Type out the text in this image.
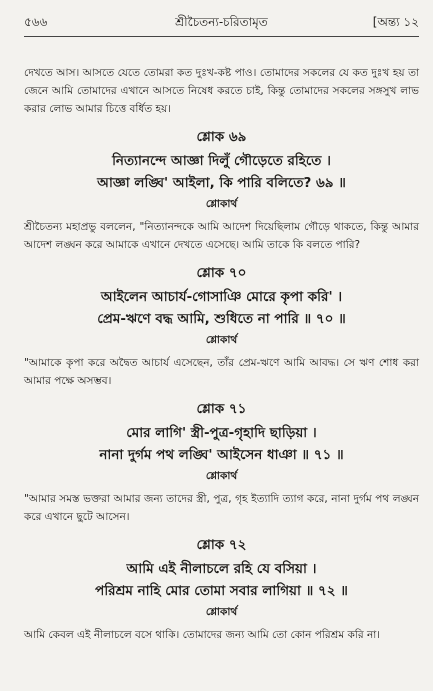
৫৬৬	শ্রীচৈতন্য-চরিতামৃত	[অন্ত্য ১২

দেখতে আস। আসতে যেতে তোমরা কত দুঃখ-কষ্ট পাও। তোমাদের সকলের যে কত দুঃখ হয় তা জেনে আমি তোমাদের এখানে আসতে নিষেধ করতে চাই, কিন্তু তোমাদের সকলের সঙ্গসুখ লাভ করার লোভ আমার চিত্তে বর্ধিত হয়।

শ্লোক ৬৯

নিত্যানন্দে আজ্ঞা দিলুঁ গৌড়েতে রহিতে ।

আজ্ঞা লঙ্ঘি' আইলা, কি পারি বলিতে? ৬৯ ॥

শ্লোকার্থ

শ্রীচৈতন্য মহাপ্রভু বললেন, "নিত্যানন্দকে আমি আদেশ দিয়েছিলাম গৌড়ে থাকতে, কিন্তু আমার আদেশ লঙ্ঘন করে আমাকে এখানে দেখতে এসেছে। আমি তাকে কি বলতে পারি?

শ্লোক ৭০

আইলেন আচার্য-গোসাঞি মোরে কৃপা করি' ।

প্রেম-ঋণে বদ্ধ আমি, শুধিতে না পারি ॥ ৭০ ॥

শ্লোকার্থ

"আমাকে কৃপা করে অদ্বৈত আচার্য এসেছেন, তাঁর প্রেম-ঋণে আমি আবদ্ধ। সে ঋণ শোধ করা আমার পক্ষে অসম্ভব।

শ্লোক ৭১

মোর লাগি' স্ত্রী-পুত্র-গৃহাদি ছাড়িয়া ।

নানা দুর্গম পথ লঙ্ঘি' আইসেন ধাঞা ॥ ৭১ ॥

শ্লোকার্থ

"আমার সমস্ত ভক্তরা আমার জন্য তাদের স্ত্রী, পুত্র, গৃহ ইত্যাদি ত্যাগ করে, নানা দুর্গম পথ লঙ্ঘন করে এখানে ছুটে আসেন।

শ্লোক ৭২

আমি এই নীলাচলে রহি যে বসিয়া ।

পরিশ্রম নাহি মোর তোমা সবার লাগিয়া ॥ ৭২ ॥

শ্লোকার্থ

আমি কেবল এই নীলাচলে বসে থাকি। তোমাদের জন্য আমি তো কোন পরিশ্রম করি না।
